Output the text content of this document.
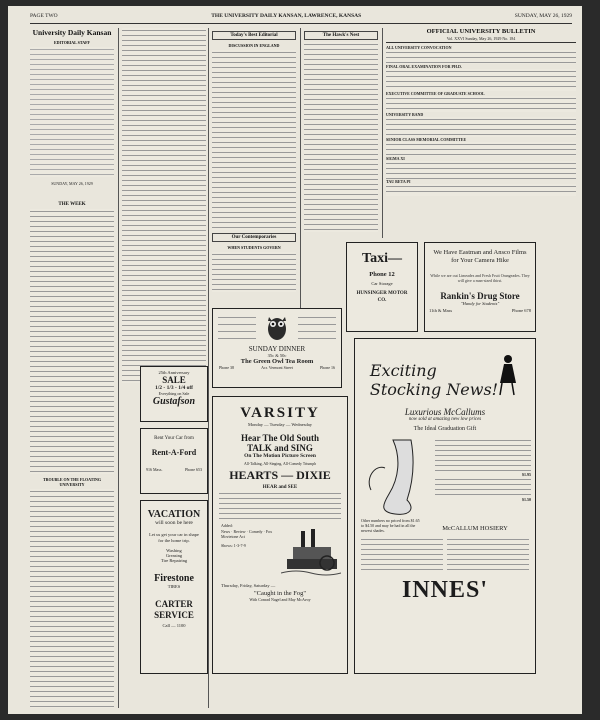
PAGE TWO	THE UNIVERSITY DAILY KANSAN, LAWRENCE, KANSAS	SUNDAY, MAY 26, 1929
University Daily Kansan
EDITORIAL STAFF
SUNDAY, MAY 26, 1929
THE WEEK
TROUBLE ON THE FLOATING UNIVERSITY
Today's Best Editorial
DISCUSSION IN ENGLAND
Our Contemporaries
WHEN STUDENTS GOVERN
The Hawk's Nest
OFFICIAL UNIVERSITY BULLETIN
Vol. XXVI Sunday, May 26, 1929 No. 184
ALL UNIVERSITY CONVOCATION
FINAL ORAL EXAMINATION FOR PH.D.
EXECUTIVE COMMITTEE OF GRADUATE SCHOOL
UNIVERSITY BAND
SENIOR CLASS MEMORIAL COMMITTEE
SIGMA XI
TAU BETA PI
Taxi—
Phone 12
Car Storage
HUNSINGER MOTOR CO.
We Have Eastman and Ansco Films for Your Camera Hike
While we are out Limeades and Fresh Fruit Orangeades. They will give a man-sized thirst.
Rankin's Drug Store
"Handy for Students"
11th & Mass	Phone 678
SUNDAY DINNER
35c & 50c
The Green Owl Tea Room
Phone 38	Acr. Vermont Street	Phone 16
25th Anniversary
SALE
1/2 - 1/3 - 1/4 off
Everything on Sale
Gustafson
Rent Your Car from
Rent-A-Ford
916 Mass.	Phone 653
VACATION
will soon be here
Let us get your car in shape for the home trip.
Washing
Greasing
Tire Repairing
Firestone
TIRES
CARTER SERVICE
Call — 1100
VARSITY
Monday — Tuesday — Wednesday
Hear The Old South
TALK and SING
On The Motion Picture Screen
All-Talking, All-Singing, All-Comedy Triumph
HEARTS — DIXIE
HEAR and SEE
Added:
News · Review · Comedy · Fox Movietone Act
Shows: 1-3-7-9
Thursday, Friday, Saturday —
"Caught in the Fog"
With Conrad Nagel and May McAvoy
Exciting
Stocking News!
Luxurious McCallums
now sold at amazing new low prices
The Ideal Graduation Gift
$1.95
$1.50
Other numbers no priced from $1.65 to $4.50 and may be had in all the newest shades.	McCALLUM HOSIERY
INNES'
